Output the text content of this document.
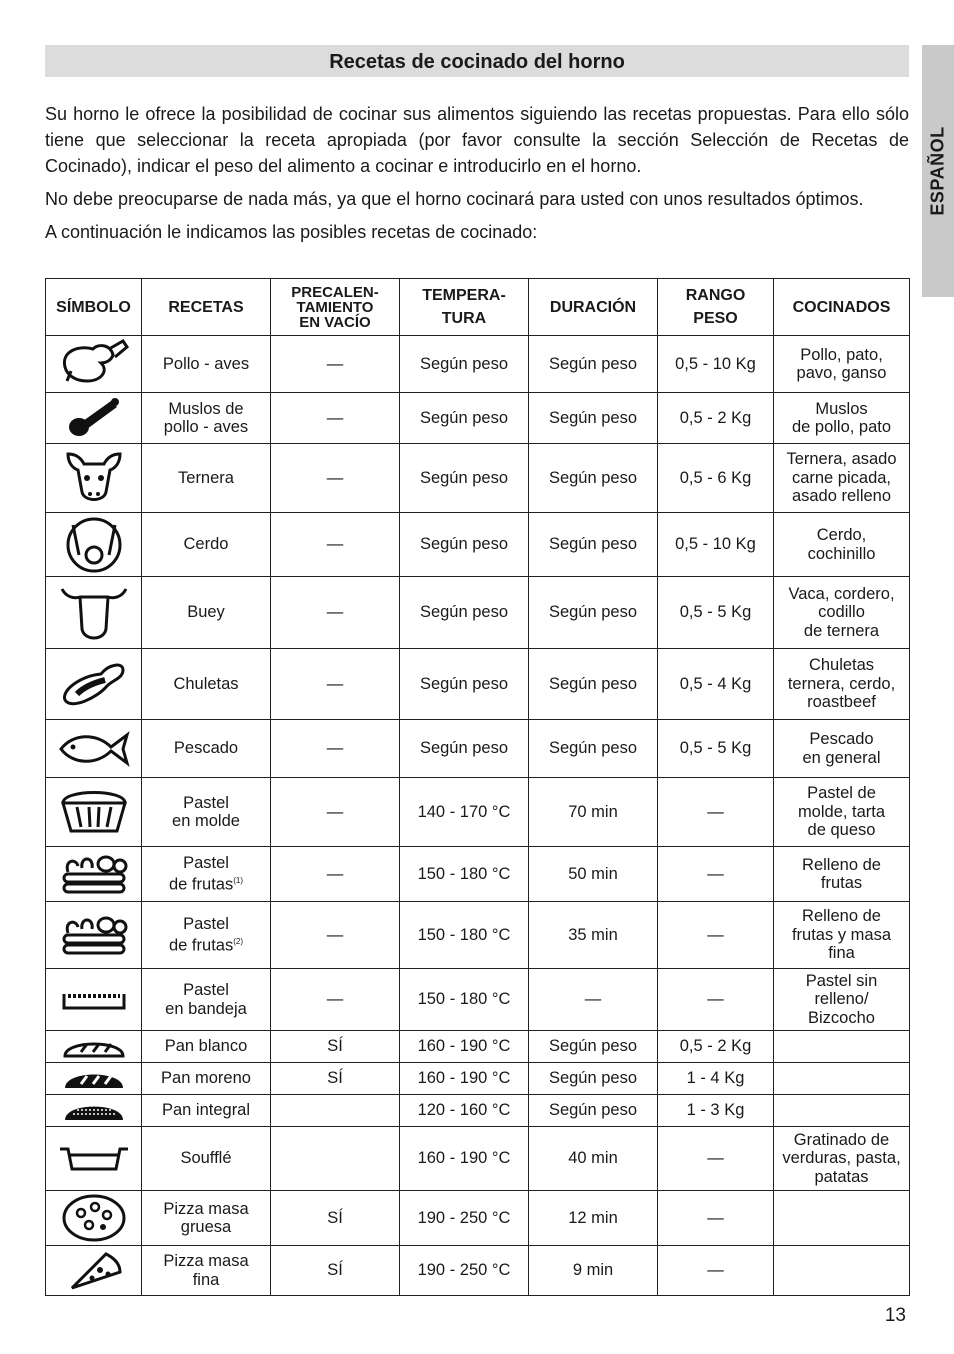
ESPAÑOL
Recetas de cocinado del horno

Su horno le ofrece la posibilidad de cocinar sus alimentos siguiendo las recetas propuestas. Para ello sólo tiene que seleccionar la receta apropiada (por favor consulte la sección Selección de Recetas de Cocinado), indicar el peso del alimento a cocinar e introducirlo en el horno.

No debe preocuparse de nada más, ya que el horno cocinará para usted con unos resultados óptimos.

A continuación le indicamos las posibles recetas de cocinado:

SÍMBOLO	RECETAS	PRECALEN-
TAMIENTO
EN VACÍO	TEMPERA-
TURA	DURACIÓN	RANGO
PESO	COCINADOS

	Pollo - aves	—	Según peso	Según peso	0,5 - 10 Kg	Pollo, pato,
pavo, ganso

	Muslos de
pollo - aves	—	Según peso	Según peso	0,5 - 2 Kg	Muslos
de pollo, pato

	Ternera	—	Según peso	Según peso	0,5 - 6 Kg	Ternera, asado
carne picada,
asado relleno

	Cerdo	—	Según peso	Según peso	0,5 - 10 Kg	Cerdo,
cochinillo

	Buey	—	Según peso	Según peso	0,5 - 5 Kg	Vaca, cordero,
codillo
de ternera

	Chuletas	—	Según peso	Según peso	0,5 - 4 Kg	Chuletas
ternera, cerdo,
roastbeef

	Pescado	—	Según peso	Según peso	0,5 - 5 Kg	Pescado
en general

	Pastel
en molde	—	140 - 170 °C	70 min	—	Pastel de
molde, tarta
de queso

	Pastel
de frutas$^{(1)}$	—	150 - 180 °C	50 min	—	Relleno de
frutas

	Pastel
de frutas$^{(2)}$	—	150 - 180 °C	35 min	—	Relleno de
frutas y masa
fina

	Pastel
en bandeja	—	150 - 180 °C	—	—	Pastel sin
relleno/
Bizcocho

	Pan blanco	SÍ	160 - 190 °C	Según peso	0,5 - 2 Kg	

	Pan moreno	SÍ	160 - 190 °C	Según peso	1 - 4 Kg	

	Pan integral		120 - 160 °C	Según peso	1 - 3 Kg	

	Soufflé		160 - 190 °C	40 min	—	Gratinado de
verduras, pasta,
patatas

	Pizza masa
gruesa	SÍ	190 - 250 °C	12 min	—	

	Pizza masa
fina	SÍ	190 - 250 °C	9 min	—	
13
